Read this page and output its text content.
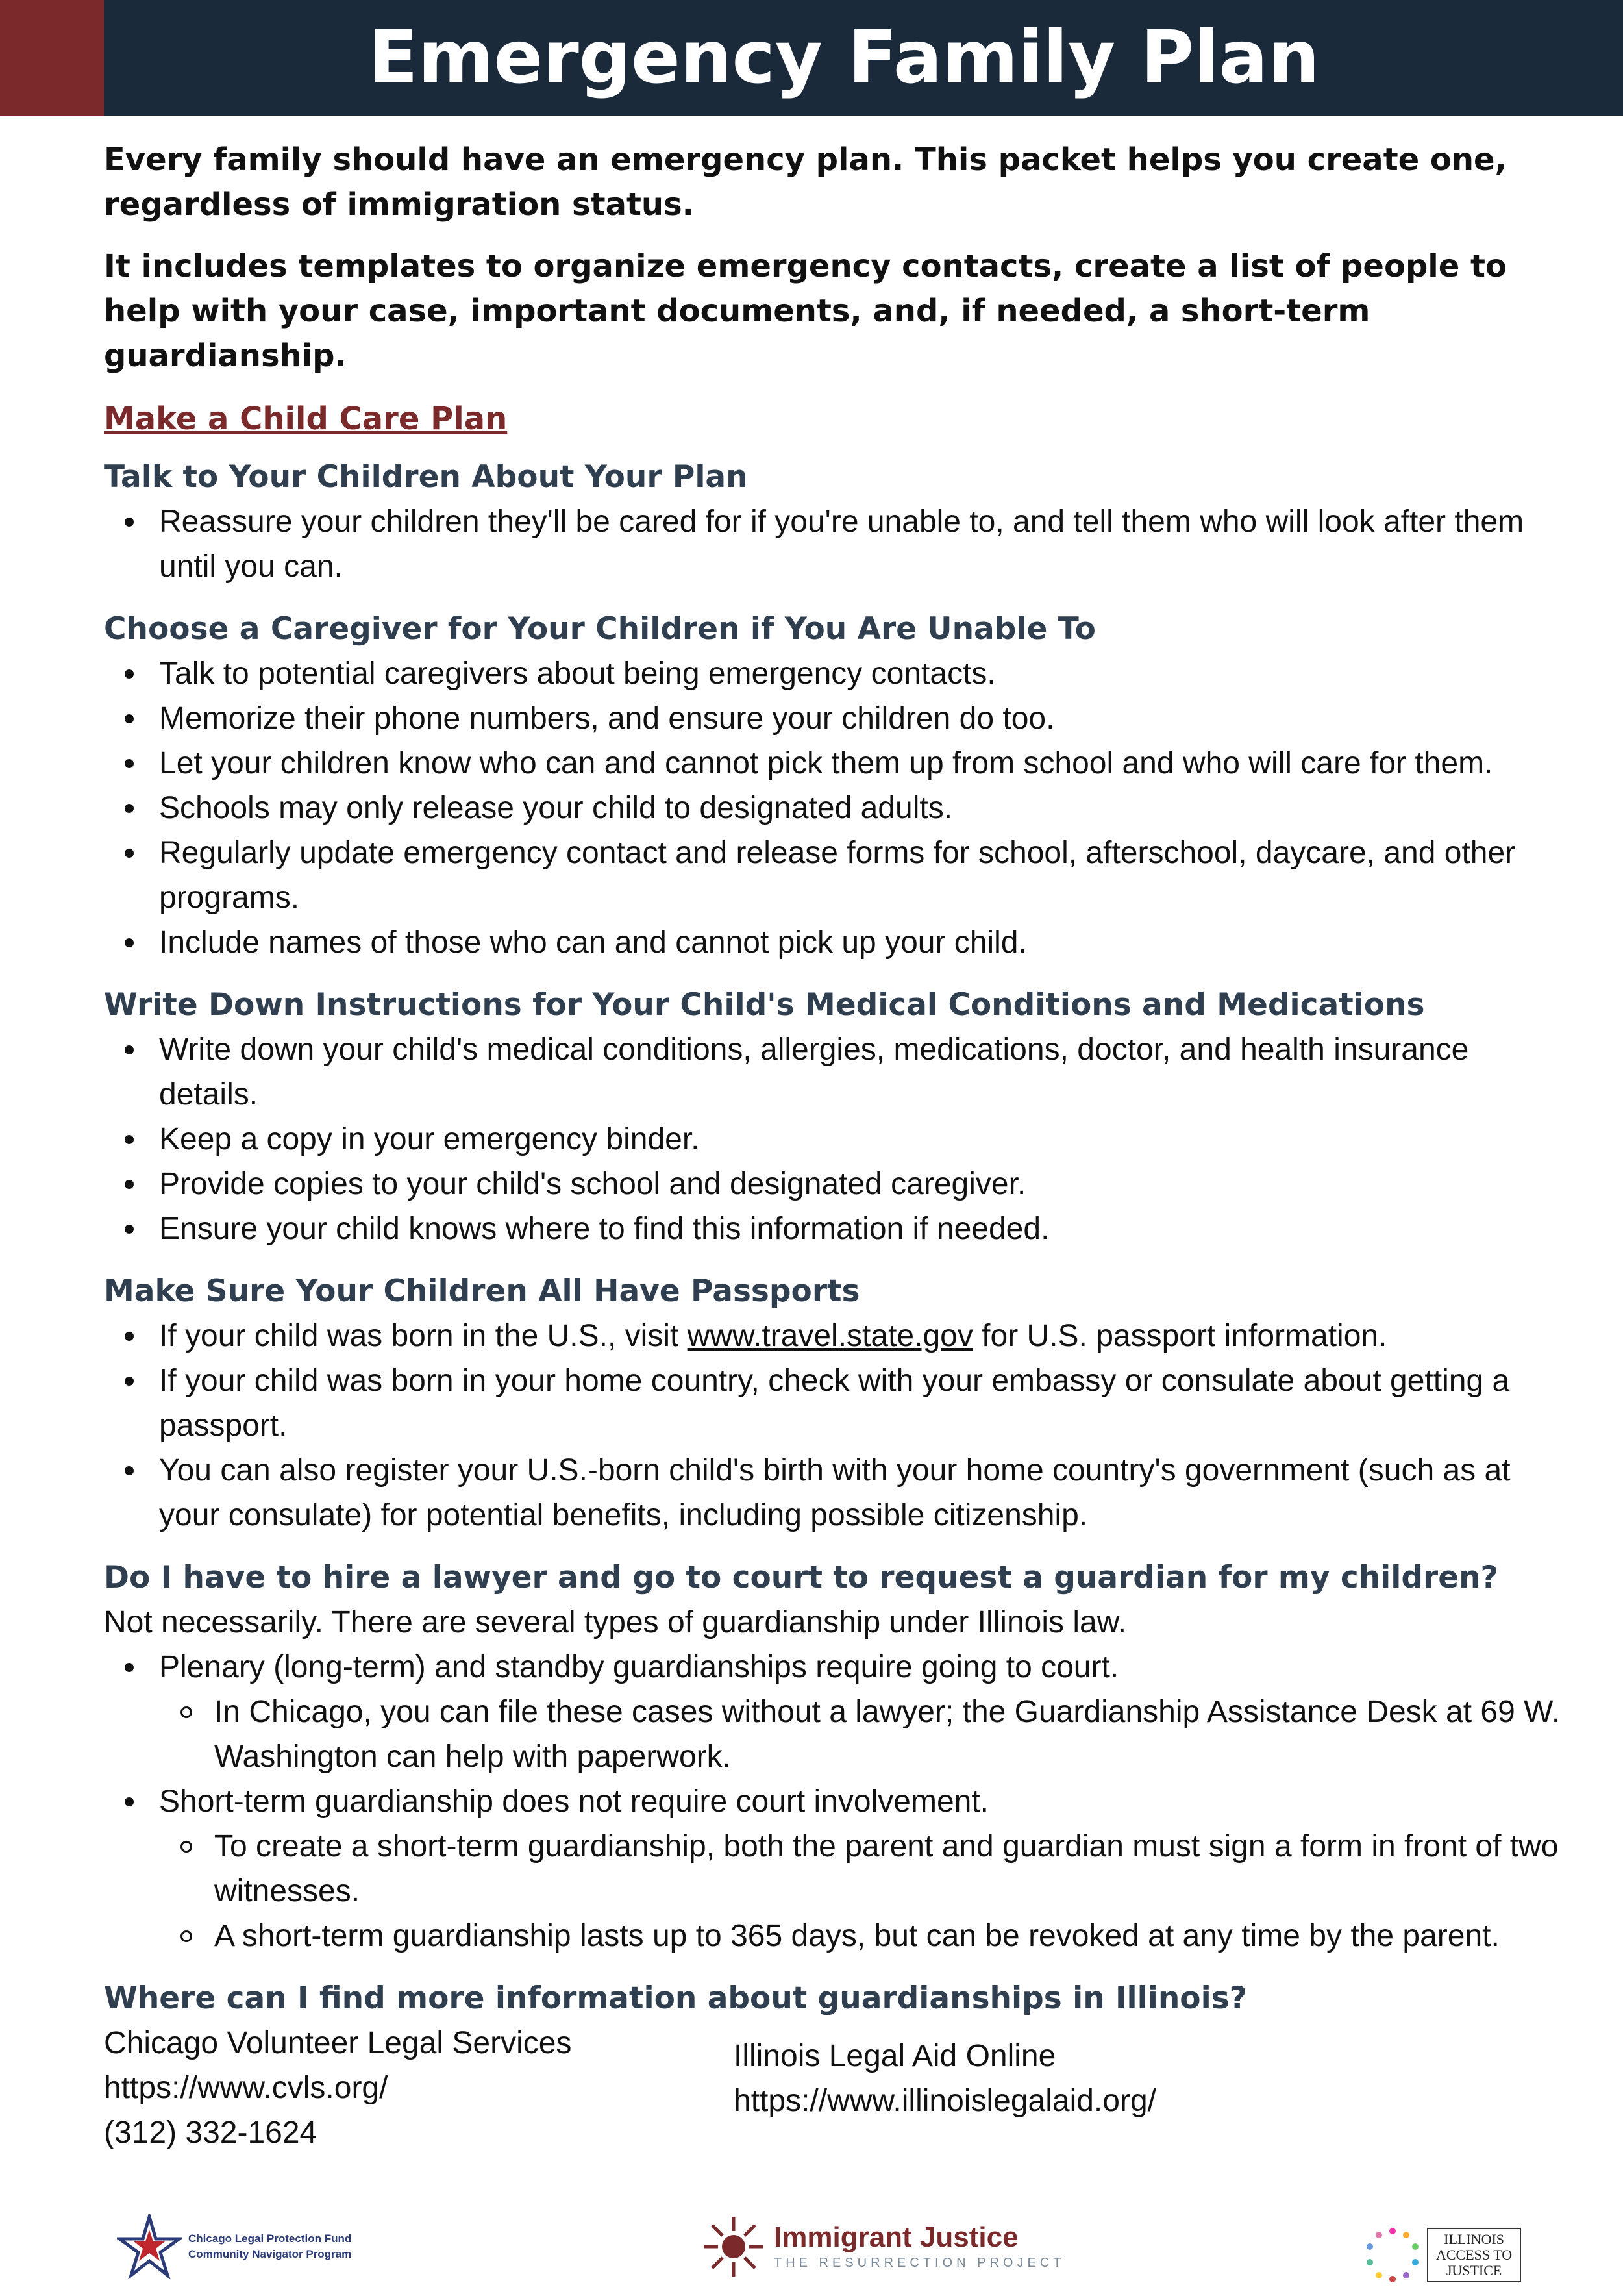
Emergency Family Plan

Every family should have an emergency plan. This packet helps you create one, regardless of immigration status.

It includes templates to organize emergency contacts, create a list of people to help with your case, important documents, and, if needed, a short-term guardianship.

Make a Child Care Plan
Talk to Your Children About Your Plan
Reassure your children they'll be cared for if you're unable to, and tell them who will look after them until you can.
Choose a Caregiver for Your Children if You Are Unable To
Talk to potential caregivers about being emergency contacts.
Memorize their phone numbers, and ensure your children do too.
Let your children know who can and cannot pick them up from school and who will care for them.
Schools may only release your child to designated adults.
Regularly update emergency contact and release forms for school, afterschool, daycare, and other programs.
Include names of those who can and cannot pick up your child.
Write Down Instructions for Your Child's Medical Conditions and Medications
Write down your child's medical conditions, allergies, medications, doctor, and health insurance details.
Keep a copy in your emergency binder.
Provide copies to your child's school and designated caregiver.
Ensure your child knows where to find this information if needed.
Make Sure Your Children All Have Passports
If your child was born in the U.S., visit www.travel.state.gov for U.S. passport information.
If your child was born in your home country, check with your embassy or consulate about getting a passport.
You can also register your U.S.-born child's birth with your home country's government (such as at your consulate) for potential benefits, including possible citizenship.
Do I have to hire a lawyer and go to court to request a guardian for my children?

Not necessarily. There are several types of guardianship under Illinois law.

Plenary (long-term) and standby guardianships require going to court.
In Chicago, you can file these cases without a lawyer; the Guardianship Assistance Desk at 69 W. Washington can help with paperwork.
Short-term guardianship does not require court involvement.
To create a short-term guardianship, both the parent and guardian must sign a form in front of two witnesses.
A short-term guardianship lasts up to 365 days, but can be revoked at any time by the parent.
Where can I find more information about guardianships in Illinois?
Chicago Volunteer Legal Services
https://www.cvls.org/
(312) 332-1624
Illinois Legal Aid Online
https://www.illinoislegalaid.org/
Chicago Legal Protection Fund
Community Navigator Program
Immigrant Justice
THE RESURRECTION PROJECT
ILLINOIS
ACCESS TO
JUSTICE
